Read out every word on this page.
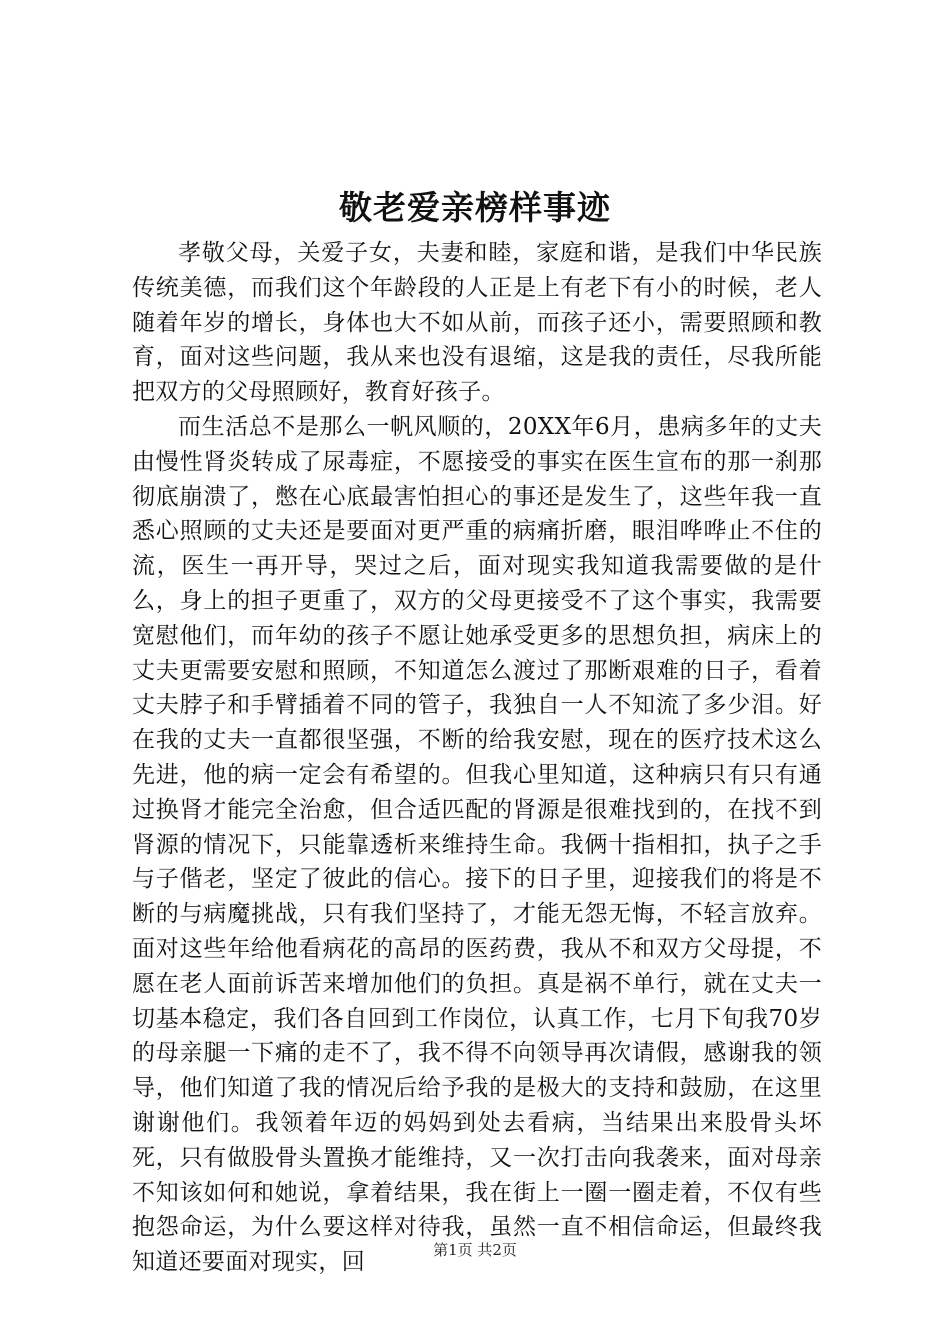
敬老爱亲榜样事迹

孝敬父母，关爱子女，夫妻和睦，家庭和谐，是我们中华民族传统美德，而我们这个年龄段的人正是上有老下有小的时候，老人随着年岁的增长，身体也大不如从前，而孩子还小，需要照顾和教育，面对这些问题，我从来也没有退缩，这是我的责任，尽我所能把双方的父母照顾好，教育好孩子。

而生活总不是那么一帆风顺的，20XX年6月，患病多年的丈夫由慢性肾炎转成了尿毒症，不愿接受的事实在医生宣布的那一刹那彻底崩溃了，憋在心底最害怕担心的事还是发生了，这些年我一直悉心照顾的丈夫还是要面对更严重的病痛折磨，眼泪哗哗止不住的流，医生一再开导，哭过之后，面对现实我知道我需要做的是什么，身上的担子更重了，双方的父母更接受不了这个事实，我需要宽慰他们，而年幼的孩子不愿让她承受更多的思想负担，病床上的丈夫更需要安慰和照顾，不知道怎么渡过了那断艰难的日子，看着丈夫脖子和手臂插着不同的管子，我独自一人不知流了多少泪。好在我的丈夫一直都很坚强，不断的给我安慰，现在的医疗技术这么先进，他的病一定会有希望的。但我心里知道，这种病只有只有通过换肾才能完全治愈，但合适匹配的肾源是很难找到的，在找不到肾源的情况下，只能靠透析来维持生命。我俩十指相扣，执子之手与子偕老，坚定了彼此的信心。接下的日子里，迎接我们的将是不断的与病魔挑战，只有我们坚持了，才能无怨无悔，不轻言放弃。面对这些年给他看病花的高昂的医药费，我从不和双方父母提，不愿在老人面前诉苦来增加他们的负担。真是祸不单行，就在丈夫一切基本稳定，我们各自回到工作岗位，认真工作，七月下旬我70岁的母亲腿一下痛的走不了，我不得不向领导再次请假，感谢我的领导，他们知道了我的情况后给予我的是极大的支持和鼓励，在这里谢谢他们。我领着年迈的妈妈到处去看病，当结果出来股骨头坏死，只有做股骨头置换才能维持，又一次打击向我袭来，面对母亲不知该如何和她说，拿着结果，我在街上一圈一圈走着，不仅有些抱怨命运，为什么要这样对待我，虽然一直不相信命运，但最终我知道还要面对现实，回	第1页 共2页
